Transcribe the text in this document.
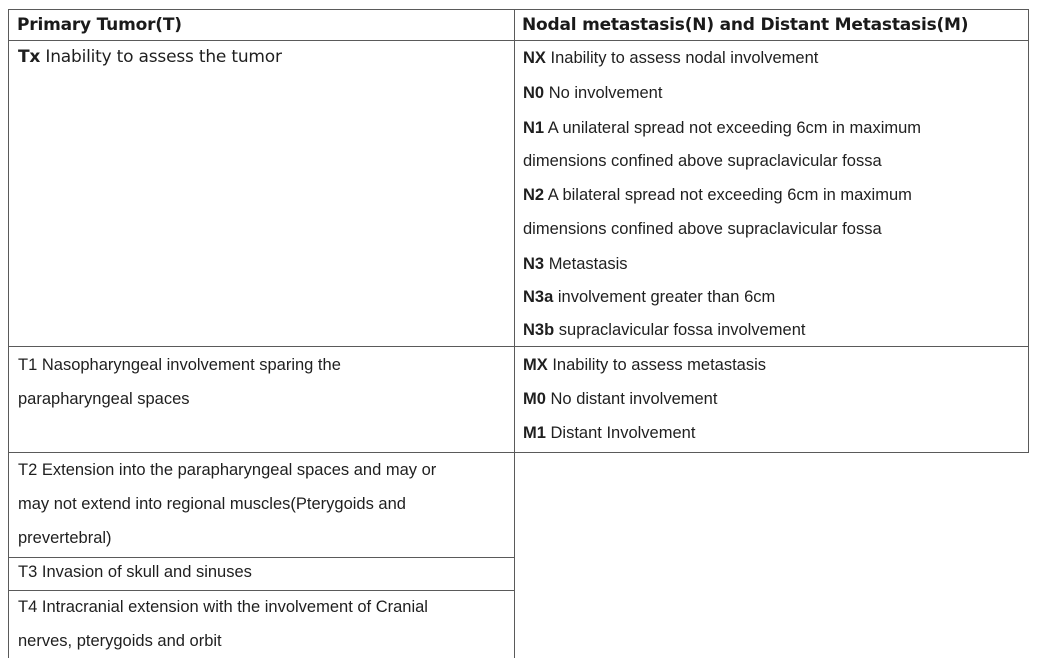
Primary Tumor(T)	Nodal metastasis(N) and Distant Metastasis(M)
Tx Inability to assess the tumor	NX Inability to assess nodal involvement
N0 No involvement
N1 A unilateral spread not exceeding 6cm in maximum
dimensions confined above supraclavicular fossa
N2 A bilateral spread not exceeding 6cm in maximum
dimensions confined above supraclavicular fossa
N3 Metastasis
N3a involvement greater than 6cm
N3b supraclavicular fossa involvement
T1 Nasopharyngeal involvement sparing the
parapharyngeal spaces
MX Inability to assess metastasis
M0 No distant involvement
M1 Distant Involvement
T2 Extension into the parapharyngeal spaces and may or
may not extend into regional muscles(Pterygoids and
prevertebral)
T3 Invasion of skull and sinuses
T4 Intracranial extension with the involvement of Cranial
nerves, pterygoids and orbit
